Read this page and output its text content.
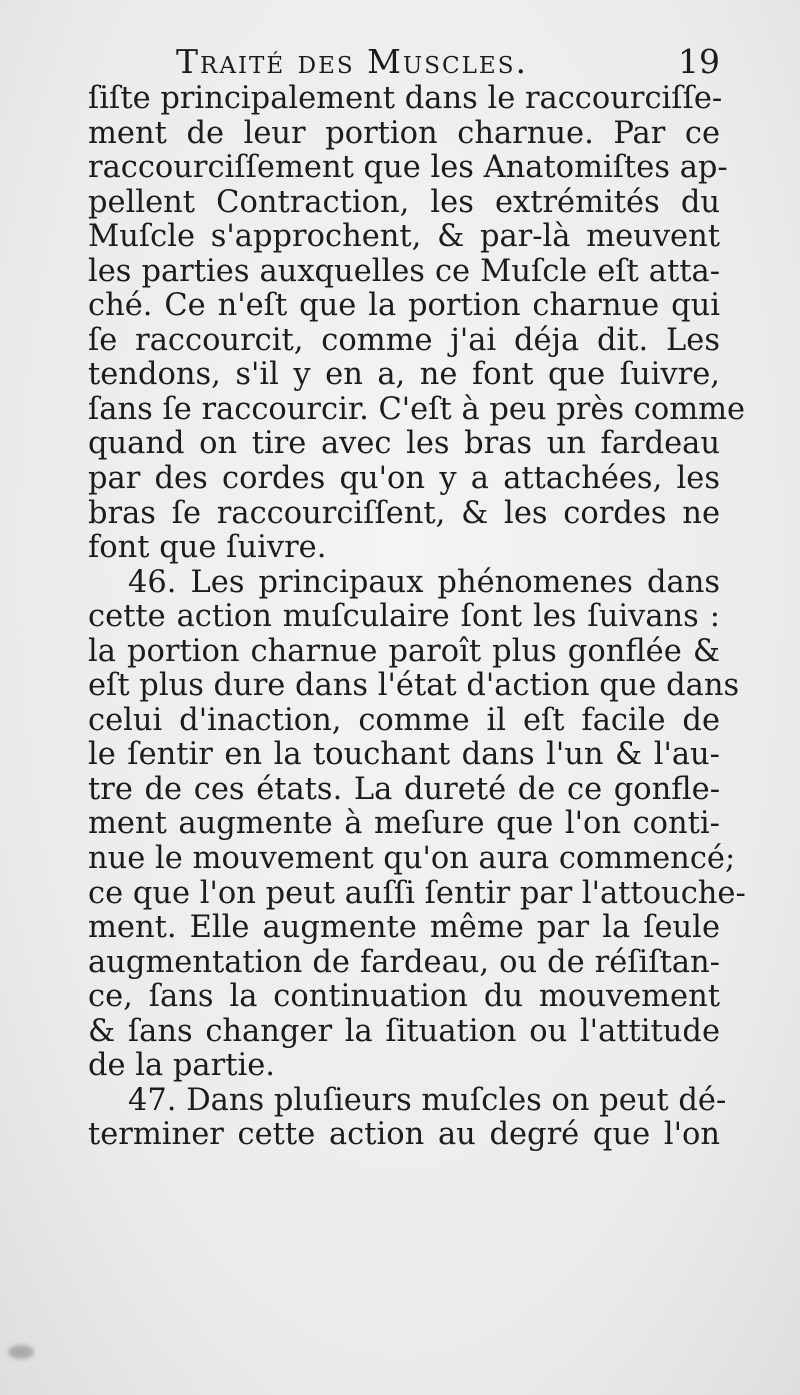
Traité des Muscles.	19
ſiſte principalement dans le raccourciſſe-
ment de leur portion charnue. Par ce
raccourciſſement que les Anatomiſtes ap-
pellent Contraction, les extrémités du
Muſcle s'approchent, & par-là meuvent
les parties auxquelles ce Muſcle eſt atta-
ché. Ce n'eſt que la portion charnue qui
ſe raccourcit, comme j'ai déja dit. Les
tendons, s'il y en a, ne font que ſuivre,
ſans ſe raccourcir. C'eſt à peu près comme
quand on tire avec les bras un fardeau
par des cordes qu'on y a attachées, les
bras ſe raccourciſſent, & les cordes ne
font que ſuivre.
46. Les principaux phénomenes dans
cette action muſculaire ſont les ſuivans :
la portion charnue paroît plus gonflée &
eſt plus dure dans l'état d'action que dans
celui d'inaction, comme il eſt facile de
le ſentir en la touchant dans l'un & l'au-
tre de ces états. La dureté de ce gonfle-
ment augmente à meſure que l'on conti-
nue le mouvement qu'on aura commencé;
ce que l'on peut auſſi ſentir par l'attouche-
ment. Elle augmente même par la ſeule
augmentation de fardeau, ou de réſiſtan-
ce, ſans la continuation du mouvement
& ſans changer la ſituation ou l'attitude
de la partie.
47. Dans pluſieurs muſcles on peut dé-
terminer cette action au degré que l'on
